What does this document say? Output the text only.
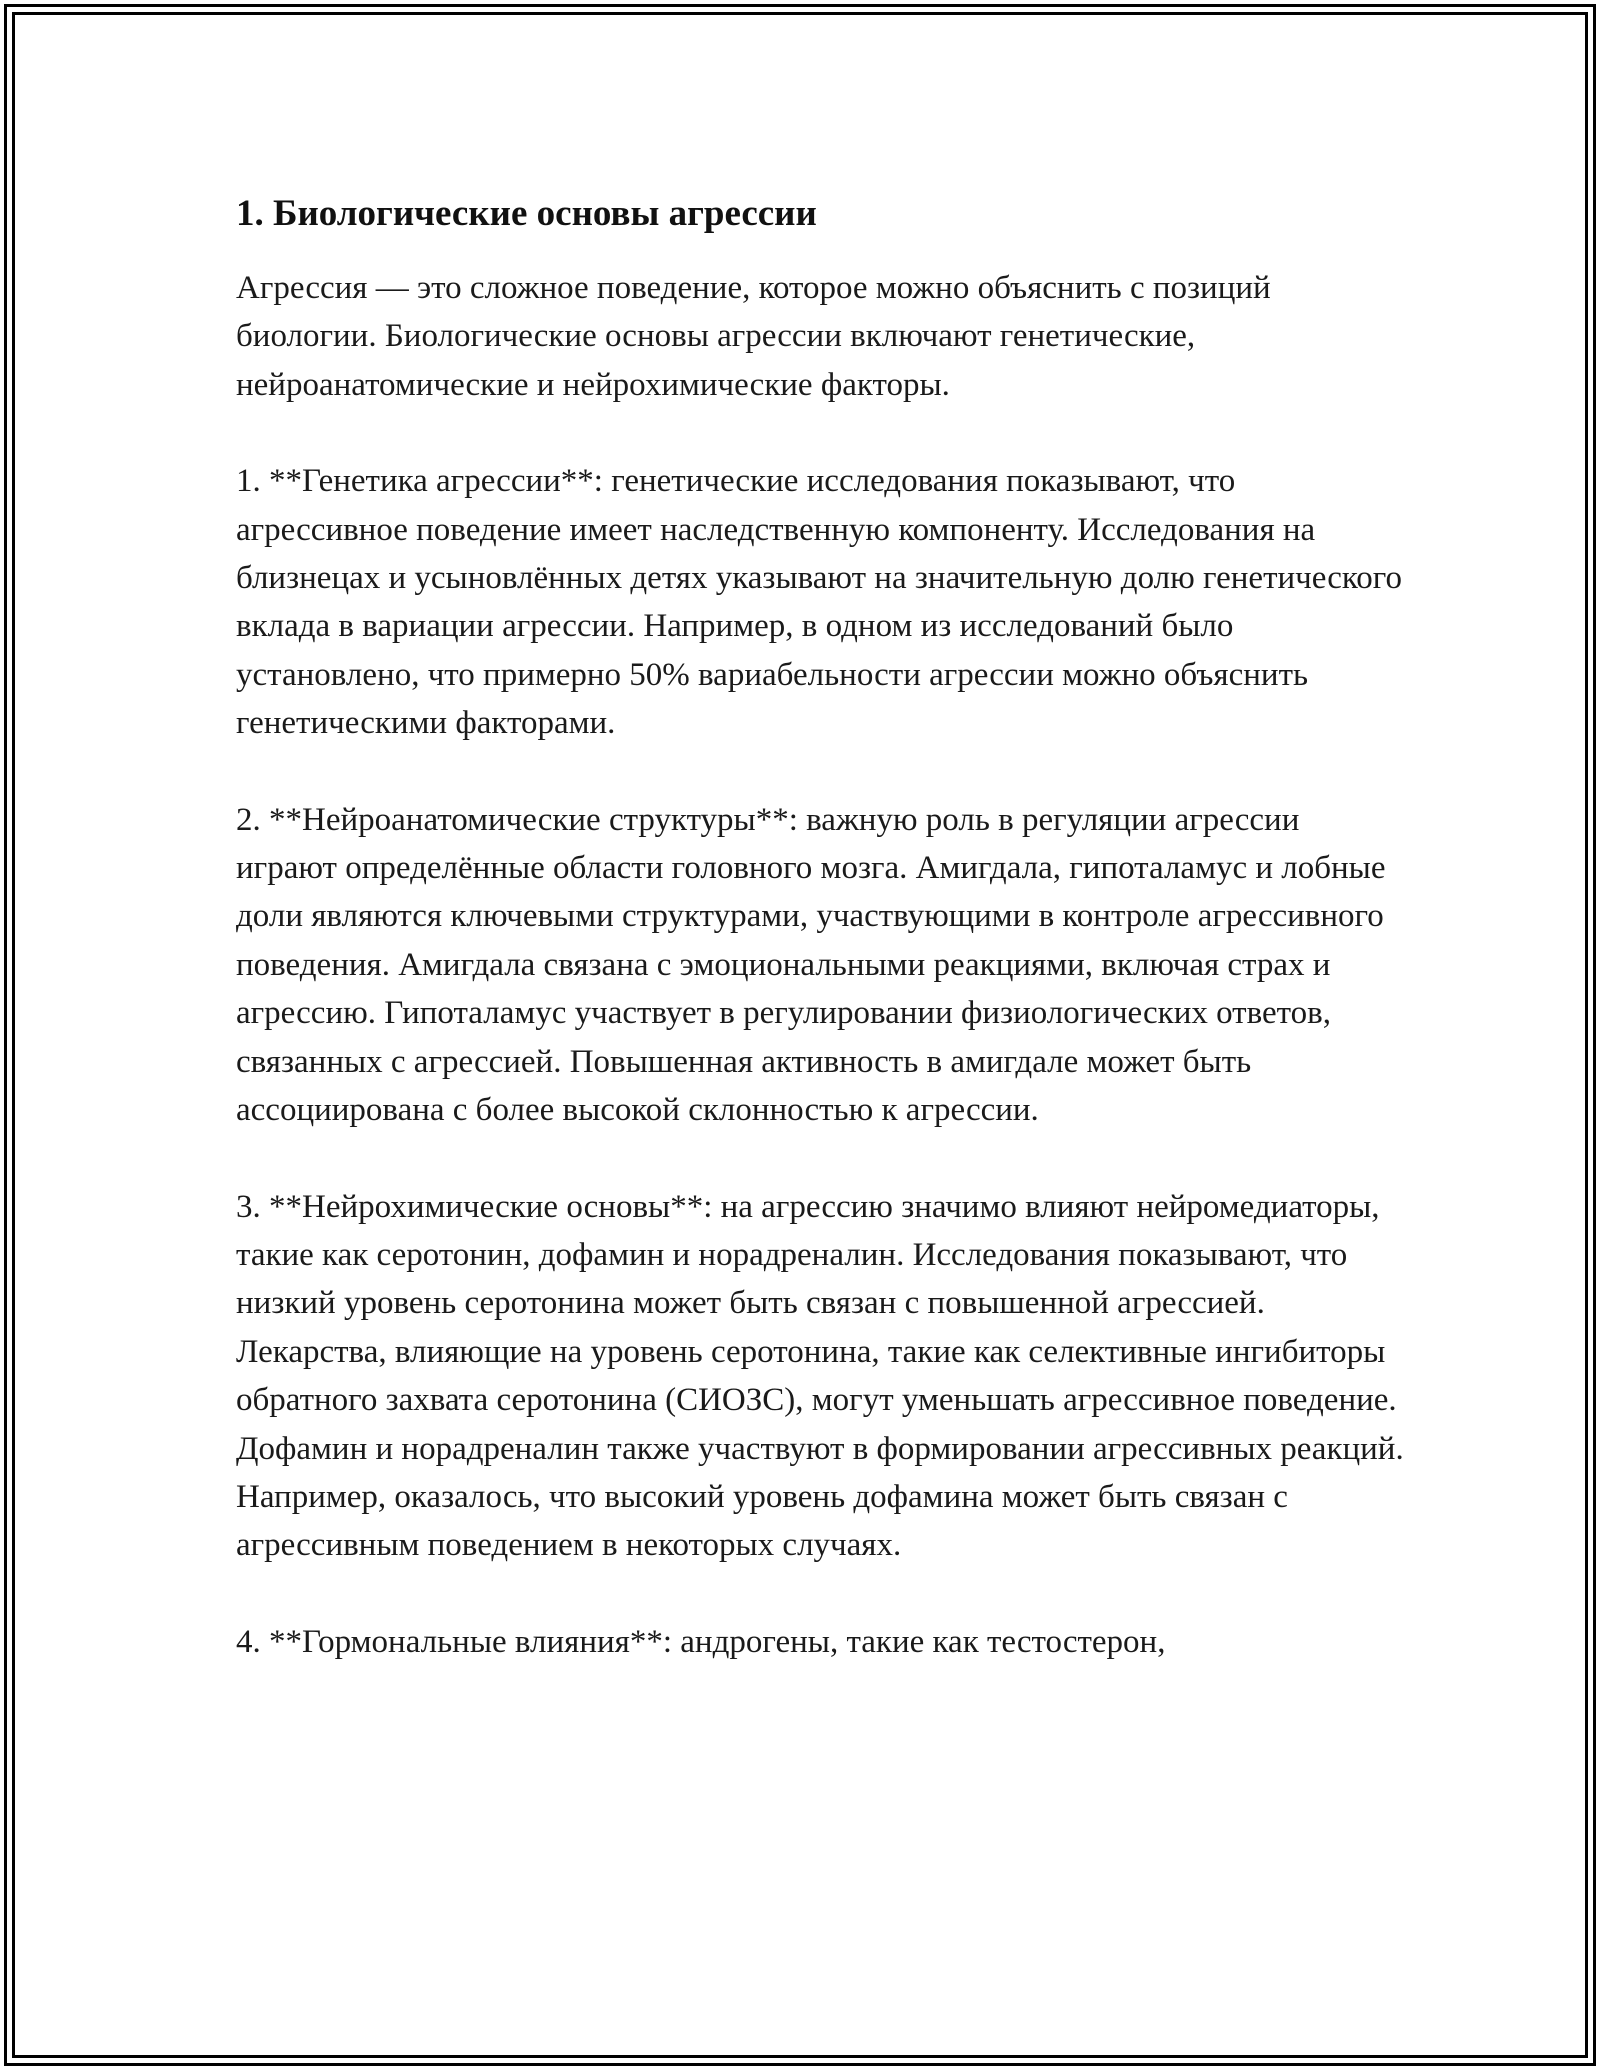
1. Биологические основы агрессии

Агрессия — это сложное поведение, которое можно объяснить с позиций биологии. Биологические основы агрессии включают генетические, нейроанатомические и нейрохимические факторы.

1. **Генетика агрессии**: генетические исследования показывают, что агрессивное поведение имеет наследственную компоненту. Исследования на близнецах и усыновлённых детях указывают на значительную долю генетического вклада в вариации агрессии. Например, в одном из исследований было установлено, что примерно 50% вариабельности агрессии можно объяснить генетическими факторами.

2. **Нейроанатомические структуры**: важную роль в регуляции агрессии играют определённые области головного мозга. Амигдала, гипоталамус и лобные доли являются ключевыми структурами, участвующими в контроле агрессивного поведения. Амигдала связана с эмоциональными реакциями, включая страх и агрессию. Гипоталамус участвует в регулировании физиологических ответов, связанных с агрессией. Повышенная активность в амигдале может быть ассоциирована с более высокой склонностью к агрессии.

3. **Нейрохимические основы**: на агрессию значимо влияют нейромедиаторы, такие как серотонин, дофамин и норадреналин. Исследования показывают, что низкий уровень серотонина может быть связан с повышенной агрессией. Лекарства, влияющие на уровень серотонина, такие как селективные ингибиторы обратного захвата серотонина (СИОЗС), могут уменьшать агрессивное поведение. Дофамин и норадреналин также участвуют в формировании агрессивных реакций. Например, оказалось, что высокий уровень дофамина может быть связан с агрессивным поведением в некоторых случаях.

4. **Гормональные влияния**: андрогены, такие как тестостерон,
